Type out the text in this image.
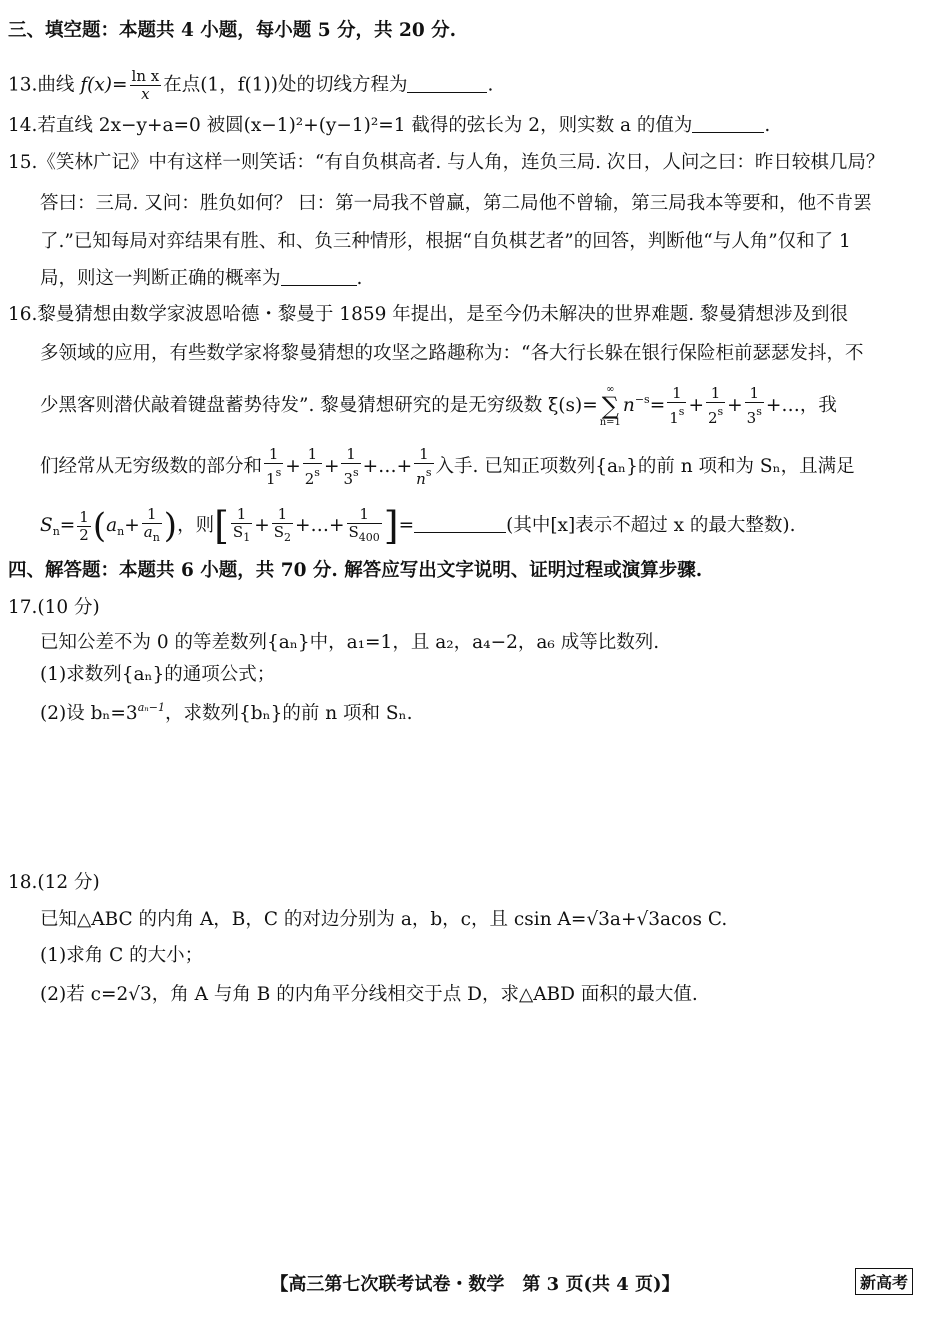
三、填空题：本题共 4 小题，每小题 5 分，共 20 分.
13.曲线 $f(x)= \frac{\text{ln x}}{x}$ 在点(1，f(1))处的切线方程为	.
14.若直线 2x−y+a=0 被圆(x−1)²+(y−1)²=1 截得的弦长为 2，则实数 a 的值为	.
15.《笑林广记》中有这样一则笑话：“有自负棋高者. 与人角，连负三局. 次日，人问之曰：昨日较棋几局？
答曰：三局. 又问：胜负如何？ 曰：第一局我不曾赢，第二局他不曾输，第三局我本等要和，他不肯罢
了.”已知每局对弈结果有胜、和、负三种情形，根据“自负棋艺者”的回答，判断他“与人角”仅和了 1
局，则这一判断正确的概率为	.
16.黎曼猜想由数学家波恩哈德・黎曼于 1859 年提出，是至今仍未解决的世界难题. 黎曼猜想涉及到很
多领域的应用，有些数学家将黎曼猜想的攻坚之路趣称为：“各大行长躲在银行保险柜前瑟瑟发抖，不
少黑客则潜伏敲着键盘蓄势待发”. 黎曼猜想研究的是无穷级数 ξ(s)=∞
∑
$n=1n^{-s}= \frac{1}{1^s} + \frac{1}{2^s} + \frac{1}{3^s}$ +…，我
们经常从无穷级数的部分和 $\frac{1}{1^s} + \frac{1}{2^s} + \frac{1}{3^s}$ +…+ $\frac{1}{n^s}$ 入手. 已知正项数列{aₙ}的前 n 项和为 Sₙ，且满足
$S_n= \frac{1}{2} (a_n+ \frac{1}{a_n}$ )，则[ $\frac{1}{S_1} + \frac{1}{S_2}$ +…+ $\frac{1}{S_{400}}$ ]=	(其中[x]表示不超过 x 的最大整数).
四、解答题：本题共 6 小题，共 70 分. 解答应写出文字说明、证明过程或演算步骤.
17.(10 分)
已知公差不为 0 的等差数列{aₙ}中，a₁=1，且 a₂，a₄−2，a₆ 成等比数列.
(1)求数列{aₙ}的通项公式；
(2)设 $b_n=3^{a_n-1}$，求数列{bₙ}的前 n 项和 Sₙ.
18.(12 分)
已知△ABC 的内角 A，B，C 的对边分别为 a，b，c，且 csin A=√3a+√3acos C.
(1)求角 C 的大小；
(2)若 c=2√3，角 A 与角 B 的内角平分线相交于点 D，求△ABD 面积的最大值.
【高三第七次联考试卷・数学　第 3 页(共 4 页)】	新高考
